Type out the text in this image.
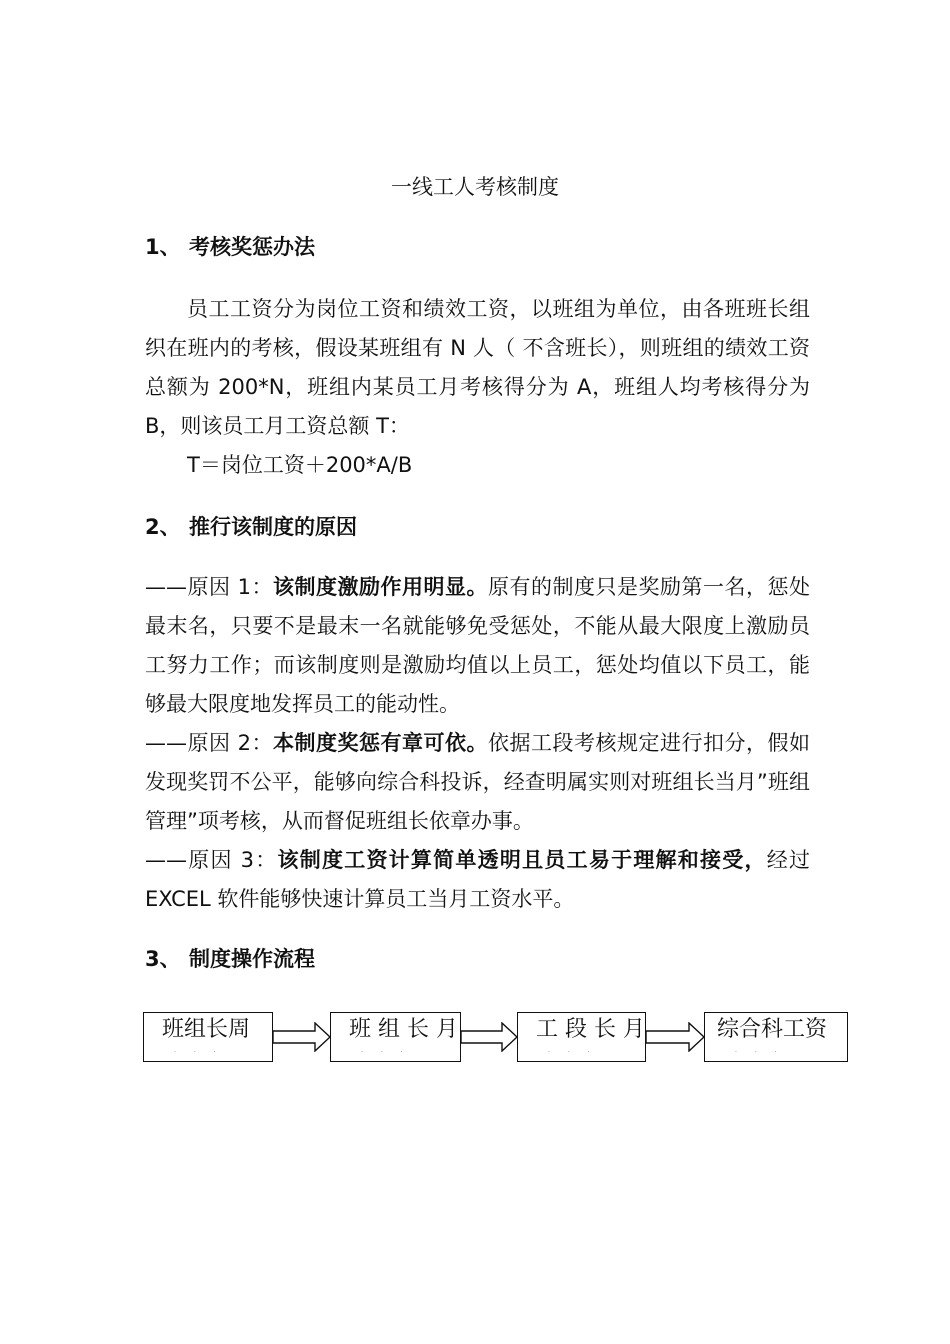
一线工人考核制度
1、 考核奖惩办法
员工工资分为岗位工资和绩效工资，以班组为单位，由各班班长组织在班内的考核，假设某班组有 N 人（ 不含班长），则班组的绩效工资总额为 200*N，班组内某员工月考核得分为 A，班组人均考核得分为 B，则该员工月工资总额 T：
T＝岗位工资＋200*A/B
2、 推行该制度的原因
——原因 1：该制度激励作用明显。原有的制度只是奖励第一名，惩处最末名，只要不是最末一名就能够免受惩处，不能从最大限度上激励员工努力工作；而该制度则是激励均值以上员工，惩处均值以下员工，能够最大限度地发挥员工的能动性。
——原因 2：本制度奖惩有章可依。依据工段考核规定进行扣分，假如发现奖罚不公平，能够向综合科投诉，经查明属实则对班组长当月”班组管理”项考核，从而督促班组长依章办事。
——原因 3：该制度工资计算简单透明且员工易于理解和接受，经过 EXCEL 软件能够快速计算员工当月工资水平。
3、 制度操作流程
班组长周
· · ·
班 组 长 月
· · ·
工 段 长 月
· · ·
综合科工资
· · ·
